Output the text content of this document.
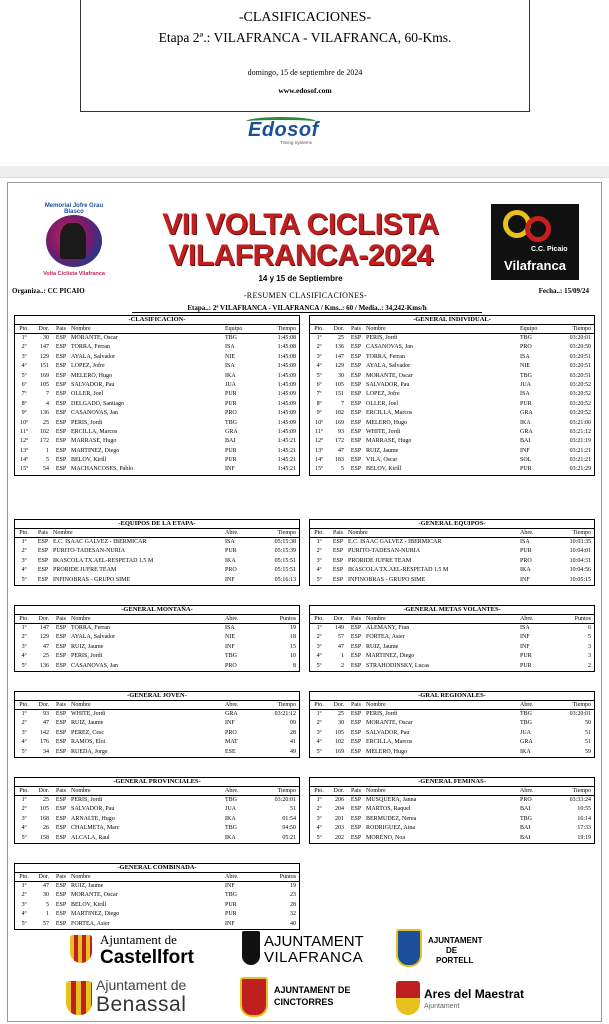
-CLASIFICACIONES-
Etapa 2ª.: VILAFRANCA - VILAFRANCA, 60-Kms.
domingo, 15 de septiembre de 2024
www.edosof.com
Edosof
Timing Systems
Memorial Jofre Grau Blasco
Volta Ciclista Vilafranca
VII VOLTA CICLISTA
VILAFRANCA-2024
14 y 15 de Septiembre
C.C. Picaio
Vilafranca
Organiza..: CC PICAIO	Fecha..: 15/09/24
-RESUMEN CLASIFICACIONES-
Etapa..: 2ª VILAFRANCA - VILAFRANCA / Kms..: 60 / Media..: 34,242-Kms/h
-CLASIFICACION-
Pto.	Dor.	Pais Nombre	Equipo	Tiempo
1º	30	ESP MORANTE, Oscar	TBG	1:45:08
2º	147	ESP TORRA, Ferran	ISA	1:45:08
3º	129	ESP AYALA, Salvador	NIE	1:45:08
4º	151	ESP LOPEZ, Jofre	ISA	1:45:09
5º	169	ESP MELERO, Hugo	IKA	1:45:09
6º	105	ESP SALVADOR, Pau	JUA	1:45:09
7º	7	ESP OLLER, Joel	PUR	1:45:09
8º	4	ESP DELGADO, Santiago	PUR	1:45:09
9º	136	ESP CASANOVAS, Jan	PRO	1:45:09
10º	25	ESP PERIS, Jordi	TBG	1:45:09
11º	102	ESP ERCILLA, Marcos	GRA	1:45:09
12º	172	ESP MARRASE, Hugo	BAI	1:45:21
13º	1	ESP MARTINEZ, Diego	PUR	1:45:21
14º	5	ESP BELOV, Kirill	PUR	1:45:21
15º	54	ESP MACHANCOSES, Pablo	INF	1:45:21
-GENERAL INDIVIDUAL-
Pto.	Dor.	Pais Nombre	Equipo	Tiempo
1º	25	ESP PERIS, Jordi	TBG	03:20:01
2º	136	ESP CASANOVAS, Jan	PRO	03:20:50
3º	147	ESP TORRA, Ferran	ISA	03:20:51
4º	129	ESP AYALA, Salvador	NIE	03:20:51
5º	30	ESP MORANTE, Oscar	TBG	03:20:51
6º	105	ESP SALVADOR, Pau	JUA	03:20:52
7º	151	ESP LOPEZ, Jofre	ISA	03:20:52
8º	7	ESP OLLER, Joel	PUR	03:20:52
9º	102	ESP ERCILLA, Marcos	GRA	03:20:52
10º	169	ESP MELERO, Hugo	IKA	03:21:00
11º	93	ESP WHITE, Jordi	GRA	03:21:12
12º	172	ESP MARRASE, Hugo	BAI	03:21:19
13º	47	ESP RUIZ, Jaume	INF	03:21:21
14º	183	ESP VILA, Oscar	SOL	03:21:21
15º	5	ESP BELOV, Kirill	PUR	03:21:29
-EQUIPOS DE LA ETAPA-
Pto.	Pais Nombre	Abre.	Tiempo
1º	ESP E.C. ISAAC GALVEZ - IBERMICAR	ISA	05:15:38
2º	ESP PURITO-TADESAN-NURIA	PUR	05:15:39
3º	ESP IKASCOLA TX.AEL-RESPETAD 1.5 M	IKA	05:15:51
4º	ESP PRORIDE JUFRE TEAM	PRO	05:15:51
5º	ESP INFINOBRAS - GRUPO SIME	INF	05:16:13
-GENERAL EQUIPOS-
Pto.	Pais Nombre	Abre.	Tiempo
1º	ESP E.C. ISAAC GALVEZ - IBERMICAR	ISA	10:03:35
2º	ESP PURITO-TADESAN-NURIA	PUR	10:04:01
3º	ESP PRORIDE JUFRE TEAM	PRO	10:04:31
4º	ESP IKASCOLA TX.AEL-RESPETAD 1.5 M	IKA	10:04:56
5º	ESP INFINOBRAS - GRUPO SIME	INF	10:05:15
-GENERAL MONTAÑA-
Pto.	Dor.	Pais Nombre	Abre.	Puntos
1º	147	ESP TORRA, Ferran	ISA	19
2º	129	ESP AYALA, Salvador	NIE	18
3º	47	ESP RUIZ, Jaume	INF	15
4º	25	ESP PERIS, Jordi	TBG	10
5º	136	ESP CASANOVAS, Jan	PRO	8
-GENERAL METAS VOLANTES-
Pto.	Dor.	Pais Nombre	Abre.	Puntos
1º	149	ESP ALEMANY, Fran	ISA	6
2º	57	ESP FORTEA, Asier	INF	5
3º	47	ESP RUIZ, Jaume	INF	3
4º	1	ESP MARTINEZ, Diego	PUR	3
5º	2	ESP STRAHODINSKY, Lucas	PUR	2
-GENERAL JOVEN-
Pto.	Dor.	Pais Nombre	Abre.	Tiempo
1º	93	ESP WHITE, Jordi	GRA	03:21:12
2º	47	ESP RUIZ, Jaume	INF	09
3º	142	ESP PEREZ, Cesc	PRO	28
4º	176	ESP RAMOS, Eloi	MAT	41
5º	34	ESP RUEDA, Jorge	ESE	49
-GRAL REGIONALES-
Pto.	Dor.	Pais Nombre	Abre.	Tiempo
1º	25	ESP PERIS, Jordi	TBG	03:20:01
2º	30	ESP MORANTE, Oscar	TBG	50
3º	105	ESP SALVADOR, Pau	JUA	51
4º	102	ESP ERCILLA, Marcos	GRA	51
5º	169	ESP MELERO, Hugo	IKA	59
-GENERAL PROVINCIALES-
Pto.	Dor.	Pais Nombre	Abre.	Tiempo
1º	25	ESP PERIS, Jordi	TBG	03:20:01
2º	105	ESP SALVADOR, Pau	JUA	51
3º	168	ESP ARNALTE, Hugo	IKA	01:54
4º	26	ESP CHALMETA, Marc	TBG	04:50
5º	158	ESP ALCALA, Raul	IKA	05:21
-GENERAL FEMINAS-
Pto.	Dor.	Pais Nombre	Abre.	Tiempo
1º	206	ESP MUSQUERA, Janna	PRO	03:33:24
2º	204	ESP MARTOS, Raquel	BAI	10:55
3º	201	ESP BERMUDEZ, Nerea	TBG	16:14
4º	203	ESP RODRIGUEZ, Aina	BAI	17:33
5º	202	ESP MORENO, Noa	BAI	19:19
-GENERAL COMBINADA-
Pto.	Dor.	Pais Nombre	Abre.	Puntos
1º	47	ESP RUIZ, Jaume	INF	19
2º	30	ESP MORANTE, Oscar	TBG	23
3º	5	ESP BELOV, Kirill	PUR	28
4º	1	ESP MARTINEZ, Diego	PUR	32
5º	57	ESP FORTEA, Asier	INF	40
Ajuntament de
Castellfort
AJUNTAMENT
VILAFRANCA
AJUNTAMENT
DE
PORTELL
Ajuntament de
Benassal
AJUNTAMENT DE
CINCTORRES
Ares del Maestrat
Ajuntament
